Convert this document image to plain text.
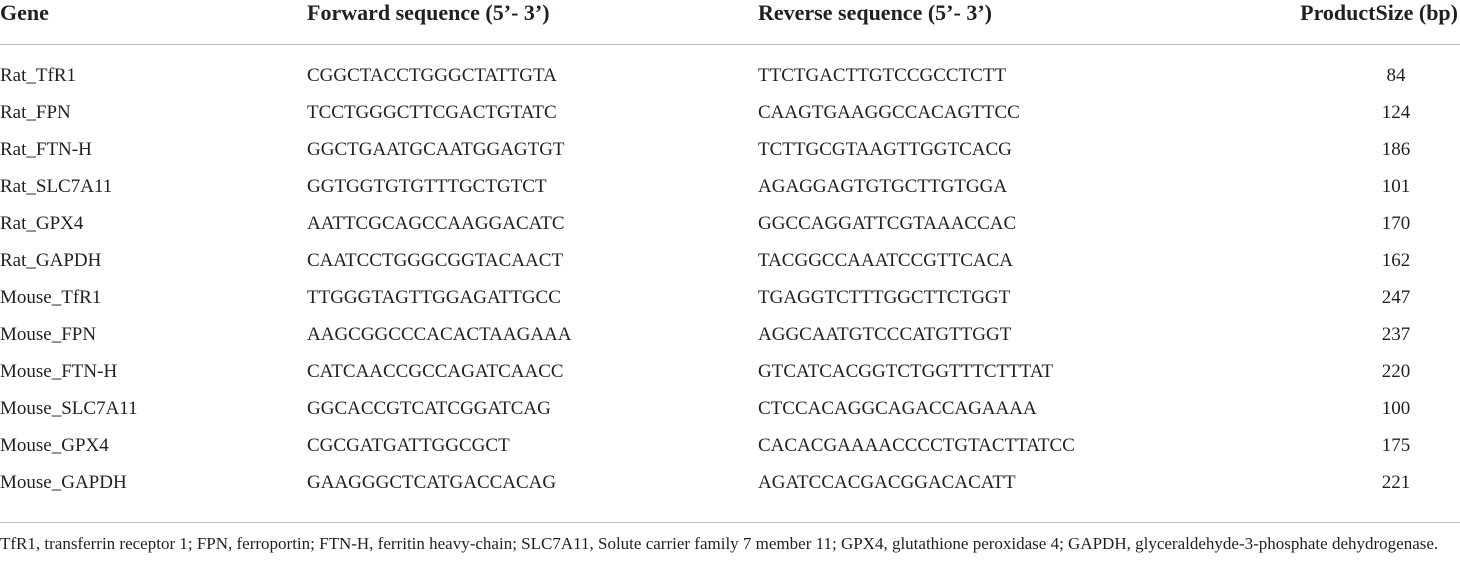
Gene	Forward sequence (5’- 3’)	Reverse sequence (5’- 3’)	ProductSize (bp)
Rat_TfR1	CGGCTACCTGGGCTATTGTA	TTCTGACTTGTCCGCCTCTT	84
Rat_FPN	TCCTGGGCTTCGACTGTATC	CAAGTGAAGGCCACAGTTCC	124
Rat_FTN-H	GGCTGAATGCAATGGAGTGT	TCTTGCGTAAGTTGGTCACG	186
Rat_SLC7A11	GGTGGTGTGTTTGCTGTCT	AGAGGAGTGTGCTTGTGGA	101
Rat_GPX4	AATTCGCAGCCAAGGACATC	GGCCAGGATTCGTAAACCAC	170
Rat_GAPDH	CAATCCTGGGCGGTACAACT	TACGGCCAAATCCGTTCACA	162
Mouse_TfR1	TTGGGTAGTTGGAGATTGCC	TGAGGTCTTTGGCTTCTGGT	247
Mouse_FPN	AAGCGGCCCACACTAAGAAA	AGGCAATGTCCCATGTTGGT	237
Mouse_FTN-H	CATCAACCGCCAGATCAACC	GTCATCACGGTCTGGTTTCTTTAT	220
Mouse_SLC7A11	GGCACCGTCATCGGATCAG	CTCCACAGGCAGACCAGAAAA	100
Mouse_GPX4	CGCGATGATTGGCGCT	CACACGAAAACCCCTGTACTTATCC	175
Mouse_GAPDH	GAAGGGCTCATGACCACAG	AGATCCACGACGGACACATT	221
TfR1, transferrin receptor 1; FPN, ferroportin; FTN-H, ferritin heavy-chain; SLC7A11, Solute carrier family 7 member 11; GPX4, glutathione peroxidase 4; GAPDH, glyceraldehyde-3-phosphate dehydrogenase.
